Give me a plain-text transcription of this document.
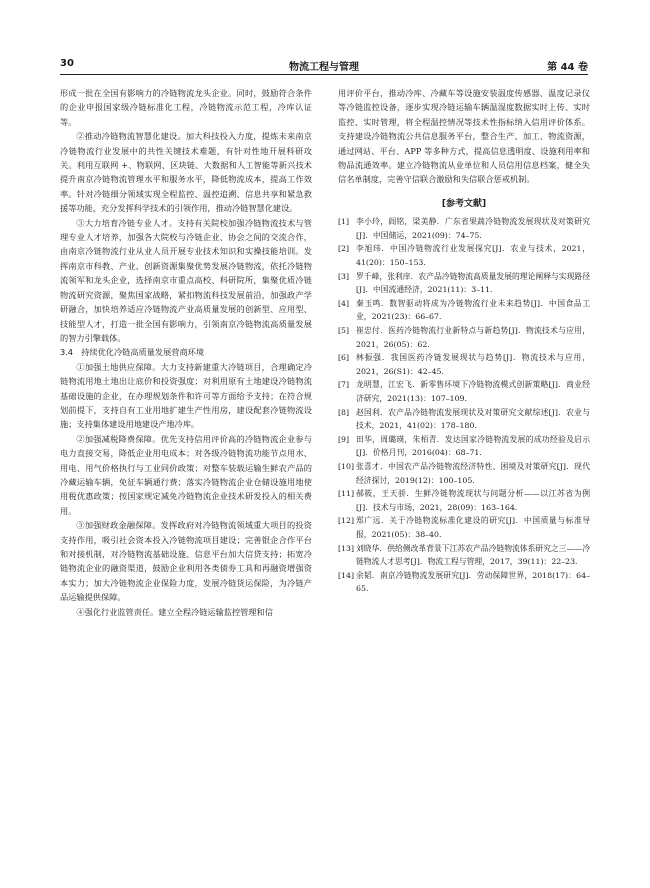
30	物流工程与管理	第 44 卷

形成一批在全国有影响力的冷链物流龙头企业。同时，鼓励符合条件的企业申报国家级冷链标准化工程，冷链物流示范工程，冷库认证等。

②推动冷链物流智慧化建设。加大科技投入力度，提炼未来南京冷链物流行业发展中的共性关键技术难题，有针对性地开展科研攻关。利用互联网 +、物联网、区块链、大数据和人工智能等新兴技术提升南京冷链物流管理水平和服务水平，降低物流成本，提高工作效率。针对冷链细分领域实现全程监控、温控追溯、信息共享和紧急救援等功能，充分发挥科学技术的引领作用，推动冷链智慧化建设。

③大力培育冷链专业人才。支持有关院校加强冷链物流技术与管理专业人才培养，加强各大院校与冷链企业、协会之间的交流合作，由南京冷链物流行业从业人员开展专业技术知识和实操技能培训。发挥南京市科教、产业、创新资源集聚优势发展冷链物流，依托冷链物流领军和龙头企业，选择南京市重点高校、科研院所，集聚优质冷链物流研究资源，聚焦国家战略，紧扣物流科技发展前沿，加强政产学研融合，加快培养适应冷链物流产业高质量发展的创新型、应用型、技能型人才，打造一批全国有影响力，引领南京冷链物流高质量发展的智力引擎载体。

3.4　持续优化冷链高质量发展营商环境

①加强土地供应保障。大力支持新建重大冷链项目，合理确定冷链物流用地土地出让底价和投资强度；对利用原有土地建设冷链物流基础设施的企业，在办理规划条件和许可等方面给予支持；在符合规划前提下，支持自有工业用地扩建生产性用房，建设配套冷链物流设施；支持集体建设用地建设产地冷库。

②加强减税降费保障。优先支持信用评价高的冷链物流企业参与电力直接交易，降低企业用电成本；对各级冷链物流功能节点用水、用电、用气价格执行与工业同价政策；对整车装载运输生鲜农产品的冷藏运输车辆，免征车辆通行费；落实冷链物流企业仓储设施用地使用税优惠政策；按国家规定减免冷链物流企业技术研发投入的相关费用。

③加强财政金融保障。发挥政府对冷链物流领域重大项目的投资支持作用，吸引社会资本投入冷链物流项目建设；完善银企合作平台和对接机制，对冷链物流基础设施、信息平台加大信贷支持；拓宽冷链物流企业的融资渠道，鼓励企业利用各类债券工具和再融资增强资本实力；加大冷链物流企业保险力度，发展冷链货运保险，为冷链产品运输提供保障。

④强化行业监管责任。建立全程冷链运输监控管理和信

用评价平台，推动冷库、冷藏车等设施安装温度传感器、温度记录仪等冷链监控设备，逐步实现冷链运输车辆温湿度数据实时上传、实时监控、实时管理，将全程温控情况等技术性指标纳入信用评价体系。支持建设冷链物流公共信息服务平台，整合生产、加工、物流资源，通过网站、平台、APP 等多种方式，提高信息透明度、设施利用率和物品流通效率。建立冷链物流从业单位和人员信用信息档案，健全失信名单制度，完善守信联合激励和失信联合惩戒机制。

[参考文献]
[1] 李小玲，阎铭，梁美静．广东省果蔬冷链物流发展现状及对策研究[J]．中国储运，2021(09)：74–75.
[2] 李旭玮．中国冷链物流行业发展探究[J]．农业与技术，2021，41(20)：150–153.
[3] 罗千峰，张利庠．农产品冷链物流高质量发展的理论阐释与实现路径[J]．中国流通经济，2021(11)：3–11.
[4] 秦玉鸣．数智驱动将成为冷链物流行业未来趋势[J]．中国食品工业，2021(23)：66–67.
[5] 崔忠付．医药冷链物流行业新特点与新趋势[J]．物流技术与应用，2021，26(05)：62.
[6] 林振强．我国医药冷链发展现状与趋势[J]．物流技术与应用，2021，26(S1)：42–45.
[7] 龙明慧，江宏飞．新零售环境下冷链物流模式创新策略[J]．商业经济研究，2021(13)：107–109.
[8] 赵国利．农产品冷链物流发展现状及对策研究文献综述[J]．农业与技术，2021，41(02)：178–180.
[9] 田华，周璐瑛，朱栢青．发达国家冷链物流发展的成功经验及启示[J]．价格月刊，2016(04)：68–71.
[10] 张喜才．中国农产品冷链物流经济特性、困境及对策研究[J]．现代经济探讨，2019(12)：100–105.
[11] 郝筱，王天骄．生鲜冷链物流现状与问题分析——以江苏省为例[J]．技术与市场，2021，28(09)：163–164.
[12] 郑广远．关于冷链物流标准化建设的研究[J]．中国质量与标准导报，2021(05)：38–40.
[13] 刘晓华．供给侧改革背景下江苏农产品冷链物流体系研究之三——冷链物流人才思考[J]．物流工程与管理，2017，39(11)：22–23.
[14] 余韬．南京冷链物流发展研究[J]．劳动保障世界，2018(17)：64–65.
